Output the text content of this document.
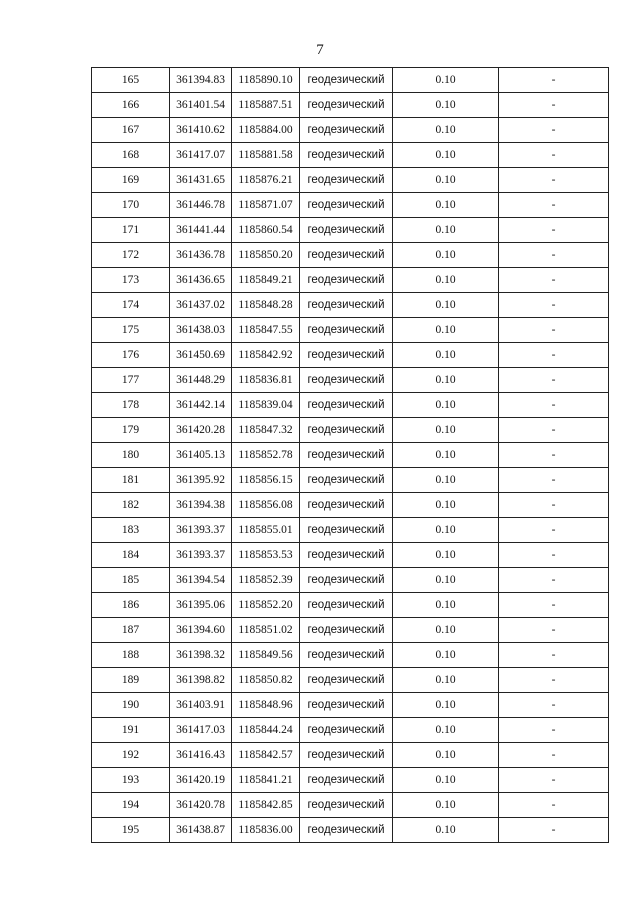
7
165	361394.83	1185890.10	геодезический	0.10	-
166	361401.54	1185887.51	геодезический	0.10	-
167	361410.62	1185884.00	геодезический	0.10	-
168	361417.07	1185881.58	геодезический	0.10	-
169	361431.65	1185876.21	геодезический	0.10	-
170	361446.78	1185871.07	геодезический	0.10	-
171	361441.44	1185860.54	геодезический	0.10	-
172	361436.78	1185850.20	геодезический	0.10	-
173	361436.65	1185849.21	геодезический	0.10	-
174	361437.02	1185848.28	геодезический	0.10	-
175	361438.03	1185847.55	геодезический	0.10	-
176	361450.69	1185842.92	геодезический	0.10	-
177	361448.29	1185836.81	геодезический	0.10	-
178	361442.14	1185839.04	геодезический	0.10	-
179	361420.28	1185847.32	геодезический	0.10	-
180	361405.13	1185852.78	геодезический	0.10	-
181	361395.92	1185856.15	геодезический	0.10	-
182	361394.38	1185856.08	геодезический	0.10	-
183	361393.37	1185855.01	геодезический	0.10	-
184	361393.37	1185853.53	геодезический	0.10	-
185	361394.54	1185852.39	геодезический	0.10	-
186	361395.06	1185852.20	геодезический	0.10	-
187	361394.60	1185851.02	геодезический	0.10	-
188	361398.32	1185849.56	геодезический	0.10	-
189	361398.82	1185850.82	геодезический	0.10	-
190	361403.91	1185848.96	геодезический	0.10	-
191	361417.03	1185844.24	геодезический	0.10	-
192	361416.43	1185842.57	геодезический	0.10	-
193	361420.19	1185841.21	геодезический	0.10	-
194	361420.78	1185842.85	геодезический	0.10	-
195	361438.87	1185836.00	геодезический	0.10	-
